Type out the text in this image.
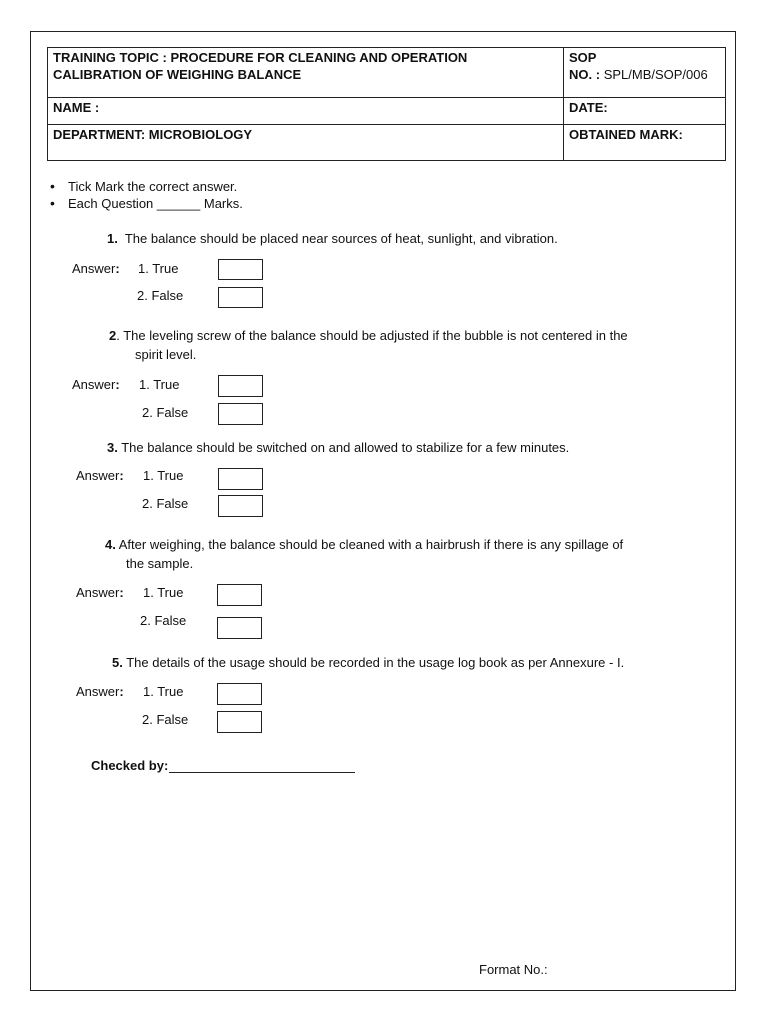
TRAINING TOPIC : PROCEDURE FOR CLEANING AND OPERATION CALIBRATION OF WEIGHING BALANCE	SOP
NO. : SPL/MB/SOP/006

NAME :	DATE:
DEPARTMENT: MICROBIOLOGY	OBTAINED MARK:
• Tick Mark the correct answer.
• Each Question ______ Marks.
1. The balance should be placed near sources of heat, sunlight, and vibration.
Answer: 1. True
2. False
2. The leveling screw of the balance should be adjusted if the bubble is not centered in the
spirit level.
Answer: 1. True
2. False
3. The balance should be switched on and allowed to stabilize for a few minutes.
Answer: 1. True
2. False
4. After weighing, the balance should be cleaned with a hairbrush if there is any spillage of
the sample.
Answer: 1. True
2. False
5. The details of the usage should be recorded in the usage log book as per Annexure - I.
Answer: 1. True
2. False
Checked by:
Format No.:
